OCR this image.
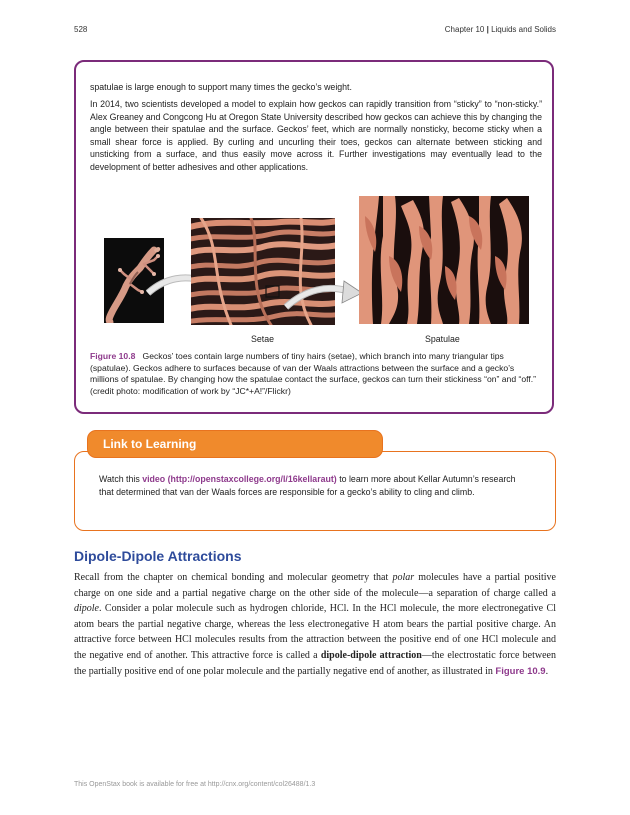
528	Chapter 10 | Liquids and Solids

spatulae is large enough to support many times the gecko’s weight.

In 2014, two scientists developed a model to explain how geckos can rapidly transition from “sticky” to “non-sticky.” Alex Greaney and Congcong Hu at Oregon State University described how geckos can achieve this by changing the angle between their spatulae and the surface. Geckos’ feet, which are normally nonsticky, become sticky when a small shear force is applied. By curling and uncurling their toes, geckos can alternate between sticking and unsticking from a surface, and thus easily move across it. Further investigations may eventually lead to the development of better adhesives and other applications.

Setae	Spatulae
Figure 10.8 Geckos’ toes contain large numbers of tiny hairs (setae), which branch into many triangular tips (spatulae). Geckos adhere to surfaces because of van der Waals attractions between the surface and a gecko’s millions of spatulae. By changing how the spatulae contact the surface, geckos can turn their stickiness “on” and “off.” (credit photo: modification of work by “JC*+A!”/Flickr)
Watch this video (http://openstaxcollege.org/l/16kellaraut) to learn more about Kellar Autumn’s research that determined that van der Waals forces are responsible for a gecko’s ability to cling and climb.
Link to Learning
Dipole-Dipole Attractions
Recall from the chapter on chemical bonding and molecular geometry that polar molecules have a partial positive charge on one side and a partial negative charge on the other side of the molecule—a separation of charge called a dipole. Consider a polar molecule such as hydrogen chloride, HCl. In the HCl molecule, the more electronegative Cl atom bears the partial negative charge, whereas the less electronegative H atom bears the partial positive charge. An attractive force between HCl molecules results from the attraction between the positive end of one HCl molecule and the negative end of another. This attractive force is called a dipole-dipole attraction—the electrostatic force between the partially positive end of one polar molecule and the partially negative end of another, as illustrated in Figure 10.9.
This OpenStax book is available for free at http://cnx.org/content/col26488/1.3
